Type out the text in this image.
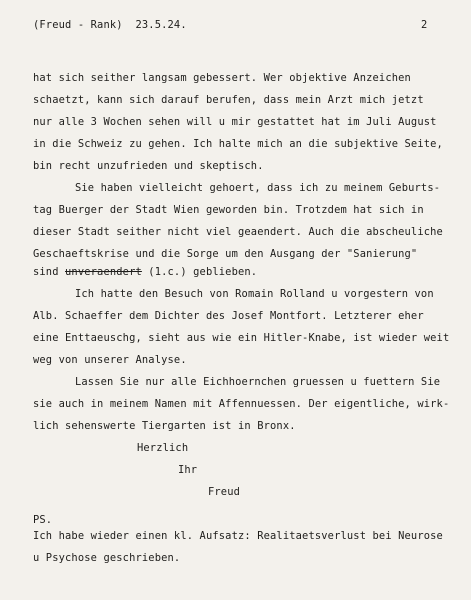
(Freud - Rank)  23.5.24.	2
hat sich seither langsam gebessert. Wer objektive Anzeichen
schaetzt, kann sich darauf berufen, dass mein Arzt mich jetzt
nur alle 3 Wochen sehen will u mir gestattet hat im Juli August
in die Schweiz zu gehen. Ich halte mich an die subjektive Seite,
bin recht unzufrieden und skeptisch.
Sie haben vielleicht gehoert, dass ich zu meinem Geburts-
tag Buerger der Stadt Wien geworden bin. Trotzdem hat sich in
dieser Stadt seither nicht viel geaendert. Auch die abscheuliche
Geschaeftskrise und die Sorge um den Ausgang der "Sanierung"
sind unveraendert (1.c.) geblieben.
Ich hatte den Besuch von Romain Rolland u vorgestern von
Alb. Schaeffer dem Dichter des Josef Montfort. Letzterer eher
eine Enttaeuschg, sieht aus wie ein Hitler-Knabe, ist wieder weit
weg von unserer Analyse.
Lassen Sie nur alle Eichhoernchen gruessen u fuettern Sie
sie auch in meinem Namen mit Affennuessen. Der eigentliche, wirk-
lich sehenswerte Tiergarten ist in Bronx.
Herzlich
Ihr
Freud
PS.
Ich habe wieder einen kl. Aufsatz: Realitaetsverlust bei Neurose
u Psychose geschrieben.
